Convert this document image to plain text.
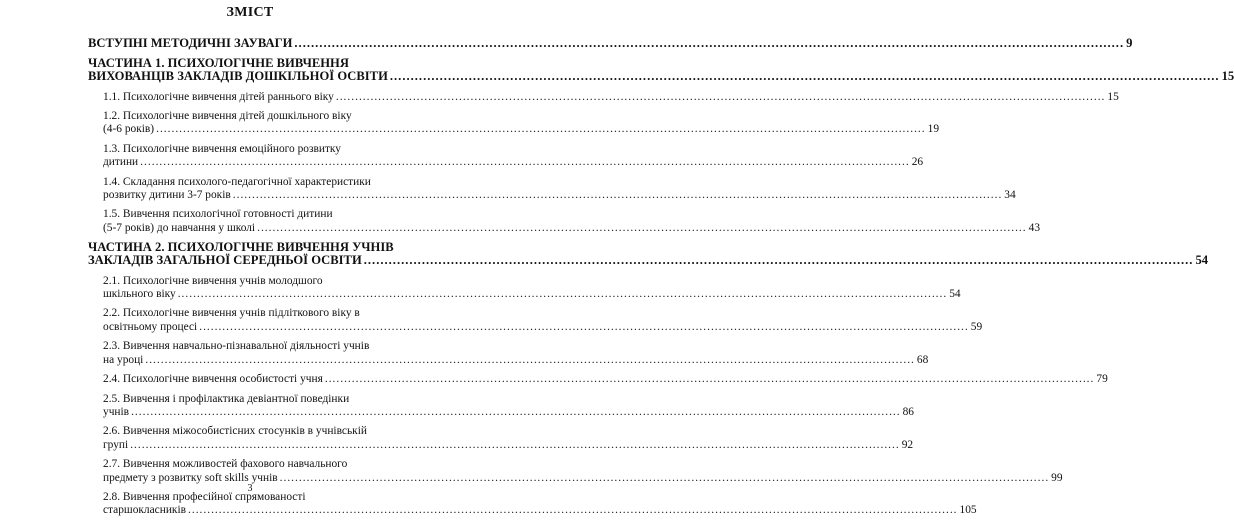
ЗМІСТ
ВСТУПНІ МЕТОДИЧНІ ЗАУВАГИ ........................................................................................................................................................................................................ 9
ЧАСТИНА 1. ПСИХОЛОГІЧНЕ ВИВЧЕННЯ
ВИХОВАНЦІВ ЗАКЛАДІВ ДОШКІЛЬНОЇ ОСВІТИ ........................................................................................................................................................................................................ 15
1.1. Психологічне вивчення дітей раннього віку ........................................................................................................................................................................................................ 15
1.2. Психологічне вивчення дітей дошкільного віку
(4-6 років) ........................................................................................................................................................................................................ 19
1.3. Психологічне вивчення емоційного розвитку
дитини ........................................................................................................................................................................................................ 26
1.4. Складання психолого-педагогічної характеристики
розвитку дитини 3-7 років ........................................................................................................................................................................................................ 34
1.5. Вивчення психологічної готовності дитини
(5-7 років) до навчання у школі ........................................................................................................................................................................................................ 43
ЧАСТИНА 2. ПСИХОЛОГІЧНЕ ВИВЧЕННЯ УЧНІВ
ЗАКЛАДІВ ЗАГАЛЬНОЇ СЕРЕДНЬОЇ ОСВІТИ ........................................................................................................................................................................................................ 54
2.1. Психологічне вивчення учнів молодшого
шкільного віку ........................................................................................................................................................................................................ 54
2.2. Психологічне вивчення учнів підліткового віку в
освітньому процесі ........................................................................................................................................................................................................ 59
2.3. Вивчення навчально-пізнавальної діяльності учнів
на уроці ........................................................................................................................................................................................................ 68
2.4. Психологічне вивчення особистості учня ........................................................................................................................................................................................................ 79
2.5. Вивчення і профілактика девіантної поведінки
учнів ........................................................................................................................................................................................................ 86
2.6. Вивчення міжособистісних стосунків в учнівській
групі ........................................................................................................................................................................................................ 92
2.7. Вивчення можливостей фахового навчального
предмету з розвитку soft skills учнів ........................................................................................................................................................................................................ 99
2.8. Вивчення професійної спрямованості
старшокласників ........................................................................................................................................................................................................ 105
3
